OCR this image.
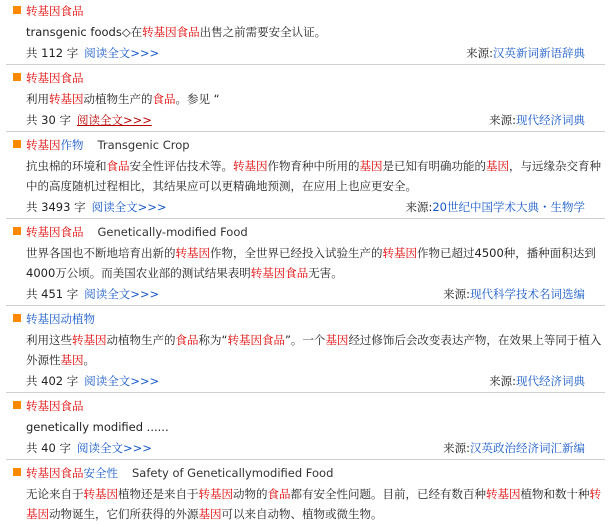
转基因食品
transgenic foods◇在转基因食品出售之前需要安全认证。
共 112 字 阅读全文>>>	来源:汉英新词新语辞典
转基因食品
利用转基因动植物生产的食品。参见 “
共 30 字 阅读全文>>>	来源:现代经济词典
转基因作物 Transgenic Crop
抗虫棉的环境和食品安全性评估技术等。转基因作物育种中所用的基因是已知有明确功能的基因，与远缘杂交育种中的高度随机过程相比，其结果应可以更精确地预测，在应用上也应更安全。
共 3493 字 阅读全文>>>	来源:20世纪中国学术大典・生物学
转基因食品 Genetically-modified Food
世界各国也不断地培育出新的转基因作物，全世界已经投入试验生产的转基因作物已超过4500种，播种面积达到4000万公顷。而美国农业部的测试结果表明转基因食品无害。
共 451 字 阅读全文>>>	来源:现代科学技术名词选编
转基因动植物
利用这些转基因动植物生产的食品称为“转基因食品”。一个基因经过修饰后会改变表达产物，在效果上等同于植入外源性基因。
共 402 字 阅读全文>>>	来源:现代经济词典
转基因食品
genetically modified ......
共 40 字 阅读全文>>>	来源:汉英政治经济词汇新编
转基因食品安全性 Safety of Geneticallymodified Food
无论来自于转基因植物还是来自于转基因动物的食品都有安全性问题。目前，已经有数百种转基因植物和数十种转基因动物诞生，它们所获得的外源基因可以来自动物、植物或微生物。
